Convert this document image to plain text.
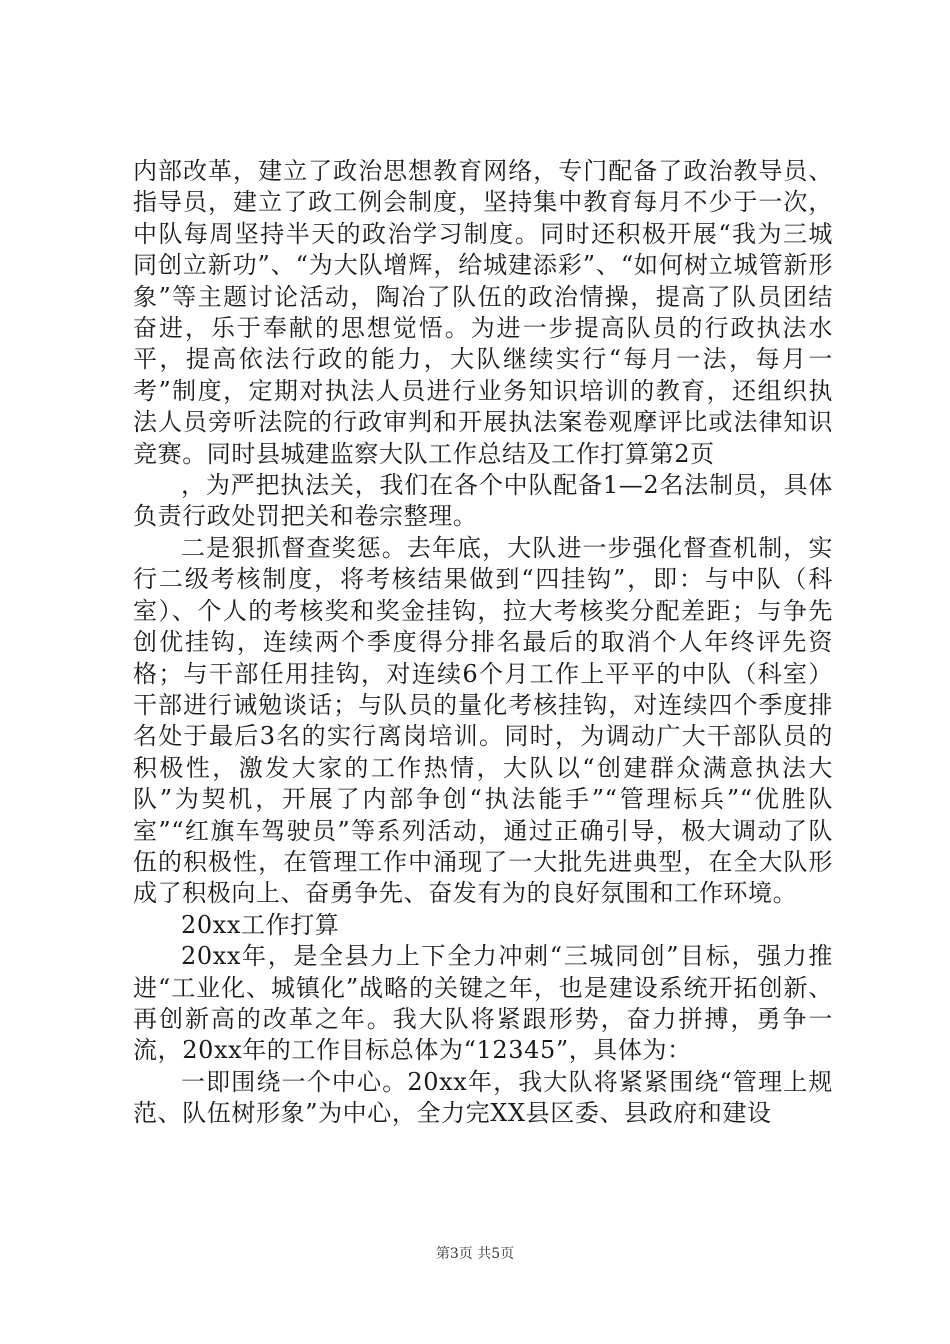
内部改革，建立了政治思想教育网络，专门配备了政治教导员、指导员，建立了政工例会制度，坚持集中教育每月不少于一次，中队每周坚持半天的政治学习制度。同时还积极开展“我为三城同创立新功”、“为大队增辉，给城建添彩”、“如何树立城管新形象”等主题讨论活动，陶冶了队伍的政治情操，提高了队员团结奋进，乐于奉献的思想觉悟。为进一步提高队员的行政执法水平，提高依法行政的能力，大队继续实行“每月一法，每月一考”制度，定期对执法人员进行业务知识培训的教育，还组织执法人员旁听法院的行政审判和开展执法案卷观摩评比或法律知识竞赛。同时县城建监察大队工作总结及工作打算第2页

，为严把执法关，我们在各个中队配备1—2名法制员，具体负责行政处罚把关和卷宗整理。

二是狠抓督查奖惩。去年底，大队进一步强化督查机制，实行二级考核制度，将考核结果做到“四挂钩”，即：与中队（科室）、个人的考核奖和奖金挂钩，拉大考核奖分配差距；与争先创优挂钩，连续两个季度得分排名最后的取消个人年终评先资格；与干部任用挂钩，对连续6个月工作上平平的中队（科室）干部进行诫勉谈话；与队员的量化考核挂钩，对连续四个季度排名处于最后3名的实行离岗培训。同时，为调动广大干部队员的积极性，激发大家的工作热情，大队以“创建群众满意执法大队”为契机，开展了内部争创“执法能手”“管理标兵”“优胜队室”“红旗车驾驶员”等系列活动，通过正确引导，极大调动了队伍的积极性，在管理工作中涌现了一大批先进典型，在全大队形成了积极向上、奋勇争先、奋发有为的良好氛围和工作环境。

20xx工作打算

20xx年，是全县力上下全力冲刺“三城同创”目标，强力推进“工业化、城镇化”战略的关键之年，也是建设系统开拓创新、再创新高的改革之年。我大队将紧跟形势，奋力拼搏，勇争一流，20xx年的工作目标总体为“12345”，具体为：

一即围绕一个中心。20xx年，我大队将紧紧围绕“管理上规范、队伍树形象”为中心，全力完XX县区委、县政府和建设

第3页 共5页
